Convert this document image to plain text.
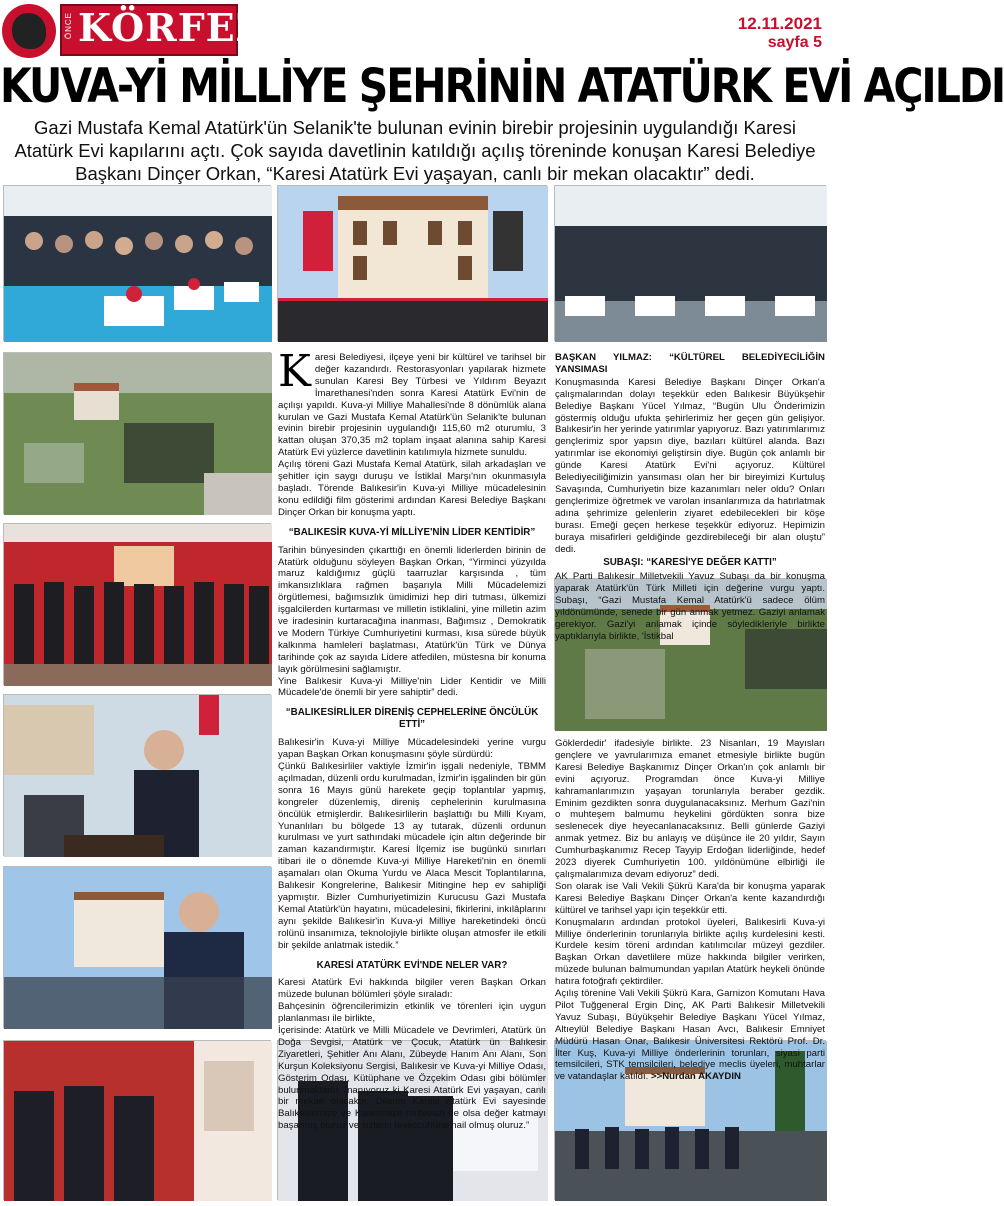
ÖNCE KÖRFEZ	12.11.2021
sayfa 5
KUVA-Yİ MİLLİYE ŞEHRİNİN ATATÜRK EVİ AÇILDI
Gazi Mustafa Kemal Atatürk'ün Selanik'te bulunan evinin birebir projesinin uygulandığı Karesi Atatürk Evi kapılarını açtı. Çok sayıda davetlinin katıldığı açılış töreninde konuşan Karesi Belediye Başkanı Dinçer Orkan, “Karesi Atatürk Evi yaşayan, canlı bir mekan olacaktır” dedi.

Karesi Belediyesi, ilçeye yeni bir kültürel ve tarihsel bir değer kazandırdı. Restorasyonları yapılarak hizmete sunulan Karesi Bey Türbesi ve Yıldırım Beyazıt İmarethanesi'nden sonra Karesi Atatürk Evi'nin de açılışı yapıldı. Kuva-yi Milliye Mahallesi'nde 8 dönümlük alana kurulan ve Gazi Mustafa Kemal Atatürk'ün Selanik'te bulunan evinin birebir projesinin uygulandığı 115,60 m2 oturumlu, 3 kattan oluşan 370,35 m2 toplam inşaat alanına sahip Karesi Atatürk Evi yüzlerce davetlinin katılımıyla hizmete sunuldu.

Açılış töreni Gazi Mustafa Kemal Atatürk, silah arkadaşları ve şehitler için saygı duruşu ve İstiklal Marşı'nın okunmasıyla başladı. Törende Balıkesir'in Kuva-yi Milliye mücadelesinin konu edildiği film gösterimi ardından Karesi Belediye Başkanı Dinçer Orkan bir konuşma yaptı.

“BALIKESİR KUVA-Yİ MİLLİYE'NİN LİDER KENTİDİR”

Tarihin bünyesinden çıkarttığı en önemli liderlerden birinin de Atatürk olduğunu söyleyen Başkan Orkan, “Yirminci yüzyılda maruz kaldığımız güçlü taarruzlar karşısında , tüm imkansızlıklara rağmen başarıyla Milli Mücadelemizi örgütlemesi, bağımsızlık ümidimizi hep diri tutması, ülkemizi işgalcilerden kurtarması ve milletin istiklalini, yine milletin azim ve iradesinin kurtaracağına inanması, Bağımsız , Demokratik ve Modern Türkiye Cumhuriyetini kurması, kısa sürede büyük kalkınma hamleleri başlatması, Atatürk'ün Türk ve Dünya tarihinde çok az sayıda Lidere atfedilen, müstesna bir konuma layık görülmesini sağlamıştır.

Yine Balıkesir Kuva-yi Milliye'nin Lider Kentidir ve Milli Mücadele'de önemli bir yere sahiptir” dedi.

“BALIKESİRLİLER DİRENİŞ CEPHELERİNE ÖNCÜLÜK ETTİ”

Balıkesir'in Kuva-yi Milliye Mücadelesindeki yerine vurgu yapan Başkan Orkan konuşmasını şöyle sürdürdü:

Çünkü Balıkesirliler vaktiyle İzmir'in işgali nedeniyle, TBMM açılmadan, düzenli ordu kurulmadan, İzmir'in işgalinden bir gün sonra 16 Mayıs günü harekete geçip toplantılar yapmış, kongreler düzenlemiş, direniş cephelerinin kurulmasına öncülük etmişlerdir. Balıkesirlilerin başlattığı bu Milli Kıyam, Yunanlıları bu bölgede 13 ay tutarak, düzenli ordunun kurulması ve yurt sathındaki mücadele için altın değerinde bir zaman kazandırmıştır. Karesi İlçemiz ise bugünkü sınırları itibari ile o dönemde Kuva-yi Milliye Hareketi'nin en önemli aşamaları olan Okuma Yurdu ve Alaca Mescit Toplantılarına, Balıkesir Kongrelerine, Balıkesir Mitingine hep ev sahipliği yapmıştır. Bizler Cumhuriyetimizin Kurucusu Gazi Mustafa Kemal Atatürk'ün hayatını, mücadelesini, fikirlerini, inkılâplarını aynı şekilde Balıkesir'in Kuva-yi Milliye hareketindeki öncü rolünü insanımıza, teknolojiyle birlikte oluşan atmosfer ile etkili bir şekilde anlatmak istedik.”

KARESİ ATATÜRK EVİ'NDE NELER VAR?

Karesi Atatürk Evi hakkında bilgiler veren Başkan Orkan müzede bulunan bölümleri şöyle sıraladı:

Bahçesinin öğrencilerimizin etkinlik ve törenleri için uygun planlanması ile birlikte,

İçerisinde: Atatürk ve Milli Mücadele ve Devrimleri, Atatürk ün Doğa Sevgisi, Atatürk ve Çocuk, Atatürk ün Balıkesir Ziyaretleri, Şehitler Anı Alanı, Zübeyde Hanım Anı Alanı, Son Kurşun Koleksiyonu Sergisi, Balıkesir ve Kuva-yi Milliye Odası, Gösterim Odası, Kütüphane ve Özçekim Odası gibi bölümler bulunmaktadır. İnanıyoruz ki Karesi Atatürk Evi yaşayan, canlı bir mekan olacaktır. Dilerim Karesi Atatürk Evi sayesinde Balıkesirimize ve Karesimize mütevazi de olsa değer katmayı başarmış oluruz ve sizlerin teveccühüne nail olmuş oluruz.”

BAŞKAN YILMAZ: “KÜLTÜREL BELEDİYECİLİĞİN YANSIMASI

Konuşmasında Karesi Belediye Başkanı Dinçer Orkan'a çalışmalarından dolayı teşekkür eden Balıkesir Büyükşehir Belediye Başkanı Yücel Yılmaz, “Bugün Ulu Önderimizin göstermiş olduğu ufukta şehirlerimiz her geçen gün gelişiyor. Balıkesir'in her yerinde yatırımlar yapıyoruz. Bazı yatırımlarımız gençlerimiz spor yapsın diye, bazıları kültürel alanda. Bazı yatırımlar ise ekonomiyi geliştirsin diye. Bugün çok anlamlı bir günde Karesi Atatürk Evi'ni açıyoruz. Kültürel Belediyeciliğimizin yansıması olan her bir bireyimizi Kurtuluş Savaşında, Cumhuriyetin bize kazanımları neler oldu? Onları gençlerimize öğretmek ve varolan insanlarımıza da hatırlatmak adına şehrimize gelenlerin ziyaret edebilecekleri bir köşe burası. Emeği geçen herkese teşekkür ediyoruz. Hepimizin buraya misafirleri geldiğinde gezdirebileceği bir alan oluştu” dedi.

SUBAŞI: “KARESİ'YE DEĞER KATTI”

AK Parti Balıkesir Milletvekili Yavuz Subaşı da bir konuşma yaparak Atatürk'ün Türk Milleti için değerine vurgu yaptı. Subaşı, “Gazi Mustafa Kemal Atatürk'ü sadece ölüm yıldönümünde, senede bir gün anmak yetmez. Gaziyi anlamak gerekiyor. Gazi'yi anlamak içinde söyledikleriyle birlikte yaptıklarıyla birlikte, 'İstikbal

Göklerdedir' ifadesiyle birlikte. 23 Nisanları, 19 Mayısları gençlere ve yavrularımıza emanet etmesiyle birlikte bugün Karesi Belediye Başkanımız Dinçer Orkan'ın çok anlamlı bir evini açıyoruz. Programdan önce Kuva-yi Milliye kahramanlarımızın yaşayan torunlarıyla beraber gezdik. Eminim gezdikten sonra duygulanacaksınız. Merhum Gazi'nin o muhteşem balmumu heykelini gördükten sonra bize seslenecek diye heyecanlanacaksınız. Belli günlerde Gaziyi anmak yetmez. Biz bu anlayış ve düşünce ile 20 yıldır, Sayın Cumhurbaşkanımız Recep Tayyip Erdoğan liderliğinde, hedef 2023 diyerek Cumhuriyetin 100. yıldönümüne elbirliği ile çalışmalarımıza devam ediyoruz” dedi.

Son olarak ise Vali Vekili Şükrü Kara'da bir konuşma yaparak Karesi Belediye Başkanı Dinçer Orkan'a kente kazandırdığı kültürel ve tarihsel yapı için teşekkür etti.

Konuşmaların ardından protokol üyeleri, Balıkesirli Kuva-yi Milliye önderlerinin torunlarıyla birlikte açılış kurdelesini kesti. Kurdele kesim töreni ardından katılımcılar müzeyi gezdiler. Başkan Orkan davetlilere müze hakkında bilgiler verirken, müzede bulunan balmumundan yapılan Atatürk heykeli önünde hatıra fotoğrafı çektirdiler.

Açılış törenine Vali Vekili Şükrü Kara, Garnizon Komutanı Hava Pilot Tuğgeneral Ergin Dinç, AK Parti Balıkesir Milletvekili Yavuz Subaşı, Büyükşehir Belediye Başkanı Yücel Yılmaz, Altıeylül Belediye Başkanı Hasan Avcı, Balıkesir Emniyet Müdürü Hasan Onar, Balıkesir Üniversitesi Rektörü Prof. Dr. İlter Kuş, Kuva-yi Milliye önderlerinin torunları, siyasi parti temsilcileri, STK temsilcileri, belediye meclis üyeleri, muhtarlar ve vatandaşlar katıldı. >>Nurdan AKAYDIN
